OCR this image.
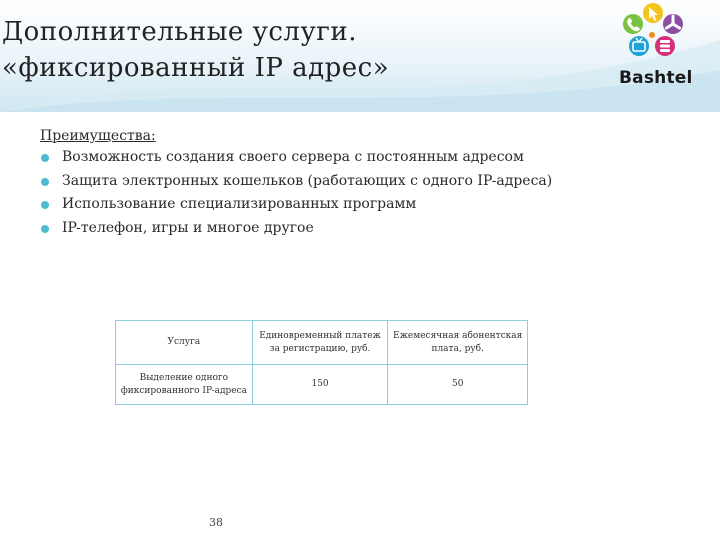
Дополнительные услуги.
«фиксированный IP адрес»	Bashtel

Преимущества:

Возможность создания своего сервера с постоянным адресом
Защита электронных кошельков (работающих с одного IP-адреса)
Использование специализированных программ
IP-телефон, игры и многое другое
Услуга	Единовременный платеж за регистрацию, руб.	Ежемесячная абонентская плата, руб.
Выделение одного фиксированного IP-адреса	150	50
38
